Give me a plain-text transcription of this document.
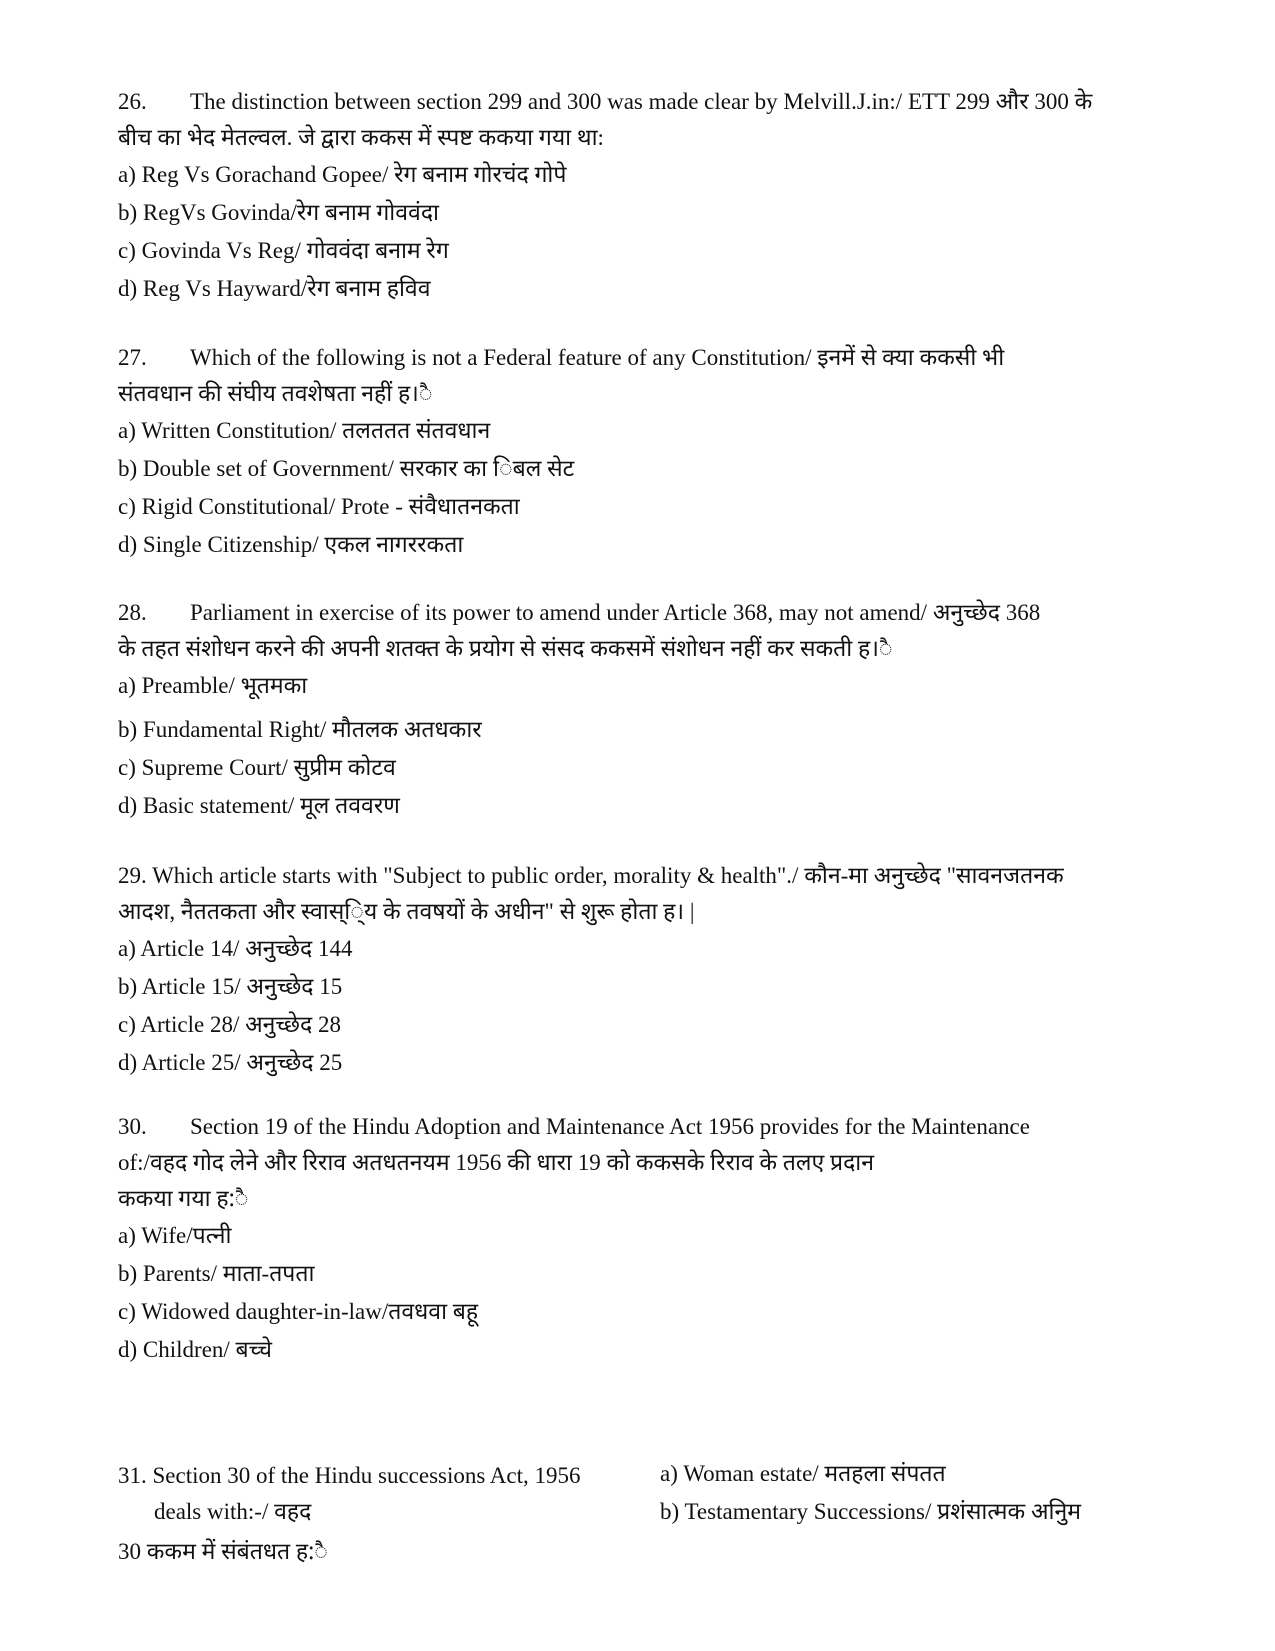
26. The distinction between section 299 and 300 was made clear by Melvill.J.in:/ ETT 299 और 300 के
बीच का भेद मेतल्वल. जे द्वारा ककस में स्पष्ट ककया गया था:
a) Reg Vs Gorachand Gopee/ रेग बनाम गोरचंद गोपे
b) RegVs Govinda/रेग बनाम गोववंदा
c) Govinda Vs Reg/ गोववंदा बनाम रेग
d) Reg Vs Hayward/रेग बनाम हविव
27. Which of the following is not a Federal feature of any Constitution/ इनमें से क्या ककसी भी
संतवधान की संघीय तवशेषता नहीं ह।ै
a) Written Constitution/ तलततत संतवधान
b) Double set of Government/ सरकार का िबल सेट
c) Rigid Constitutional/ Prote - संवैधातनकता
d) Single Citizenship/ एकल नागररकता
28. Parliament in exercise of its power to amend under Article 368, may not amend/ अनुच्छेद 368
के तहत संशोधन करने की अपनी शतक्त के प्रयोग से संसद ककसमें संशोधन नहीं कर सकती ह।ै
a) Preamble/ भूतमका
b) Fundamental Right/ मौतलक अतधकार
c) Supreme Court/ सुप्रीम कोटव
d) Basic statement/ मूल तववरण
29. Which article starts with "Subject to public order, morality & health"./ कौन-मा अनुच्छेद "सावनजतनक
आदश, नैततकता और स्वास्ि्य के तवषयों के अधीन" से शुरू होता ह। |
a) Article 14/ अनुच्छेद 144
b) Article 15/ अनुच्छेद 15
c) Article 28/ अनुच्छेद 28
d) Article 25/ अनुच्छेद 25
30. Section 19 of the Hindu Adoption and Maintenance Act 1956 provides for the Maintenance
of:/वहद गोद लेने और रिराव अतधतनयम 1956 की धारा 19 को ककसके रिराव के तलए प्रदान
ककया गया ह:ै
a) Wife/पत्नी
b) Parents/ माता-तपता
c) Widowed daughter-in-law/तवधवा बहू
d) Children/ बच्चे
31. Section 30 of the Hindu successions Act, 1956
deals with:-/ वहद
30 ककम में संबंतधत ह:ै
a) Woman estate/ मतहला संपतत
b) Testamentary Successions/ प्रशंसात्मक अनुिम
